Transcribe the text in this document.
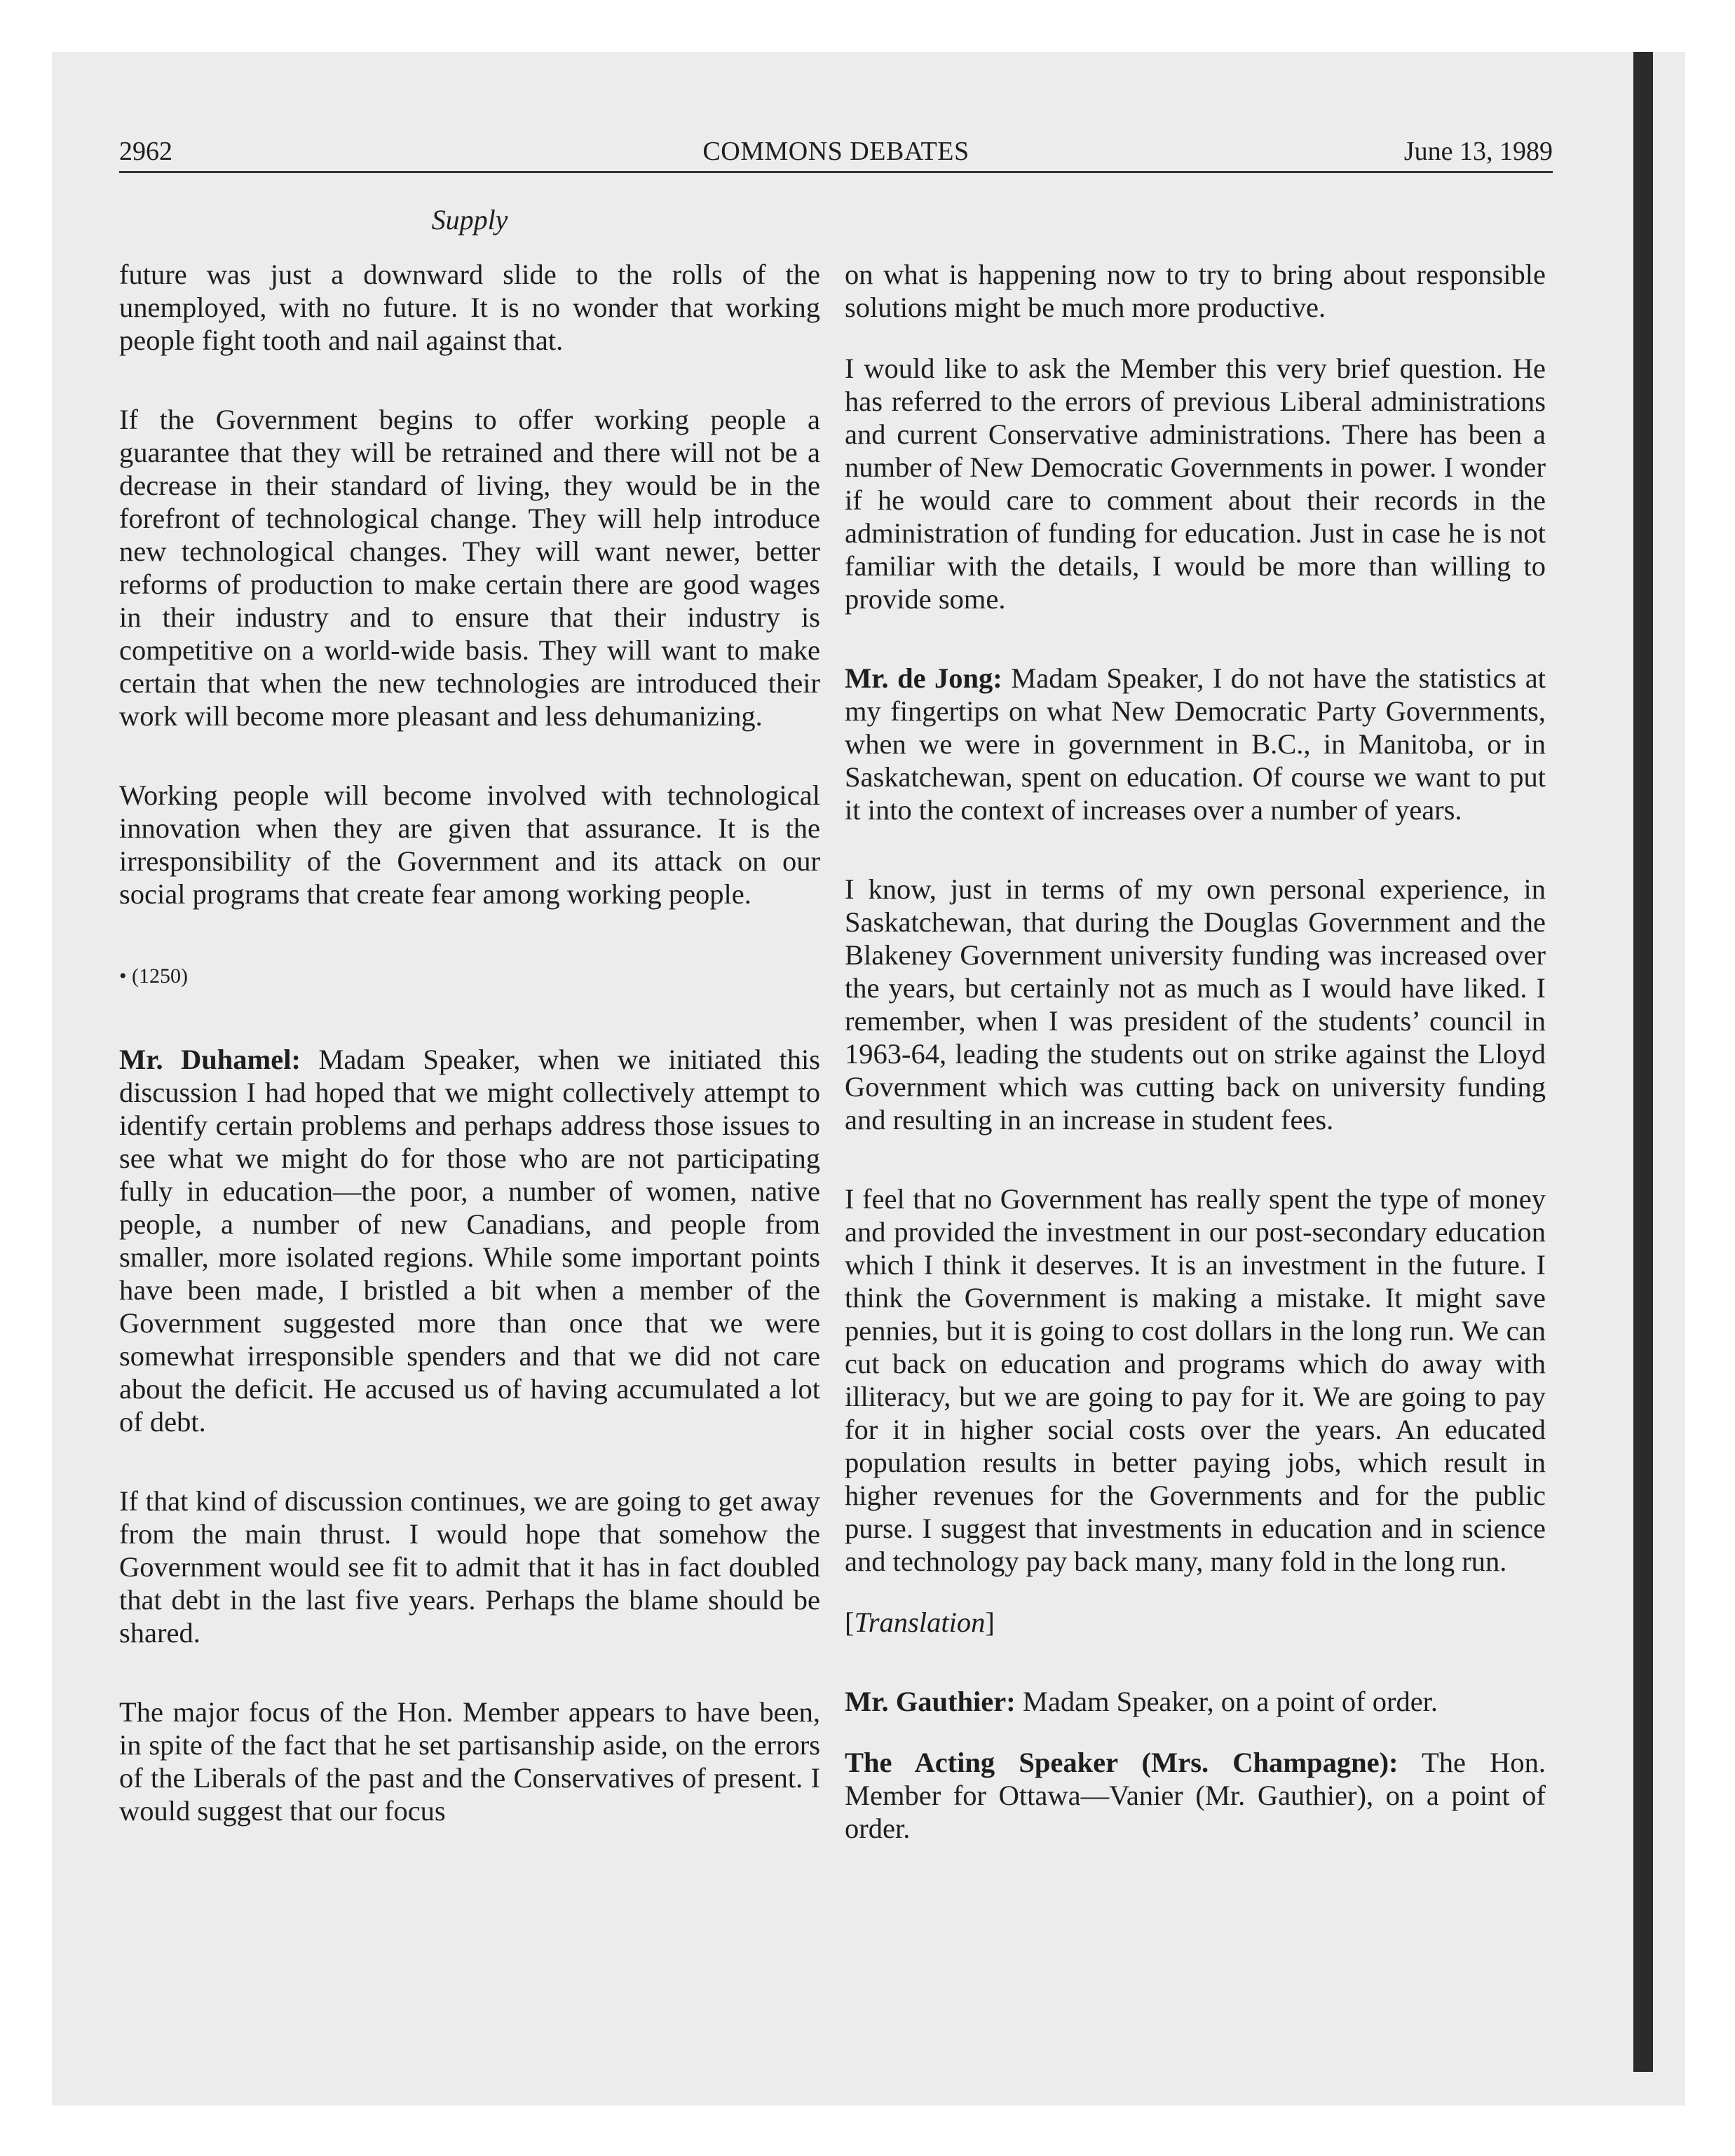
2962	COMMONS DEBATES	June 13, 1989
Supply

future was just a downward slide to the rolls of the unemployed, with no future. It is no wonder that working people fight tooth and nail against that.

If the Government begins to offer working people a guarantee that they will be retrained and there will not be a decrease in their standard of living, they would be in the forefront of technological change. They will help introduce new technological changes. They will want newer, better reforms of production to make certain there are good wages in their industry and to ensure that their industry is competitive on a world-wide basis. They will want to make certain that when the new technologies are introduced their work will become more pleasant and less dehumanizing.

Working people will become involved with technological innovation when they are given that assurance. It is the irresponsibility of the Government and its attack on our social programs that create fear among working people.

• (1250)

Mr. Duhamel: Madam Speaker, when we initiated this discussion I had hoped that we might collectively attempt to identify certain problems and perhaps address those issues to see what we might do for those who are not participating fully in education—the poor, a number of women, native people, a number of new Canadians, and people from smaller, more isolated regions. While some important points have been made, I bristled a bit when a member of the Government suggested more than once that we were somewhat irresponsible spenders and that we did not care about the deficit. He accused us of having accumulated a lot of debt.

If that kind of discussion continues, we are going to get away from the main thrust. I would hope that somehow the Government would see fit to admit that it has in fact doubled that debt in the last five years. Perhaps the blame should be shared.

The major focus of the Hon. Member appears to have been, in spite of the fact that he set partisanship aside, on the errors of the Liberals of the past and the Conservatives of present. I would suggest that our focus

on what is happening now to try to bring about responsible solutions might be much more productive.

I would like to ask the Member this very brief question. He has referred to the errors of previous Liberal administrations and current Conservative administrations. There has been a number of New Democratic Governments in power. I wonder if he would care to comment about their records in the administration of funding for education. Just in case he is not familiar with the details, I would be more than willing to provide some.

Mr. de Jong: Madam Speaker, I do not have the statistics at my fingertips on what New Democratic Party Governments, when we were in government in B.C., in Manitoba, or in Saskatchewan, spent on education. Of course we want to put it into the context of increases over a number of years.

I know, just in terms of my own personal experience, in Saskatchewan, that during the Douglas Government and the Blakeney Government university funding was increased over the years, but certainly not as much as I would have liked. I remember, when I was president of the students’ council in 1963-64, leading the students out on strike against the Lloyd Government which was cutting back on university funding and resulting in an increase in student fees.

I feel that no Government has really spent the type of money and provided the investment in our post-secondary education which I think it deserves. It is an investment in the future. I think the Government is making a mistake. It might save pennies, but it is going to cost dollars in the long run. We can cut back on education and programs which do away with illiteracy, but we are going to pay for it. We are going to pay for it in higher social costs over the years. An educated population results in better paying jobs, which result in higher revenues for the Governments and for the public purse. I suggest that investments in education and in science and technology pay back many, many fold in the long run.

[Translation]

Mr. Gauthier: Madam Speaker, on a point of order.

The Acting Speaker (Mrs. Champagne): The Hon. Member for Ottawa—Vanier (Mr. Gauthier), on a point of order.
